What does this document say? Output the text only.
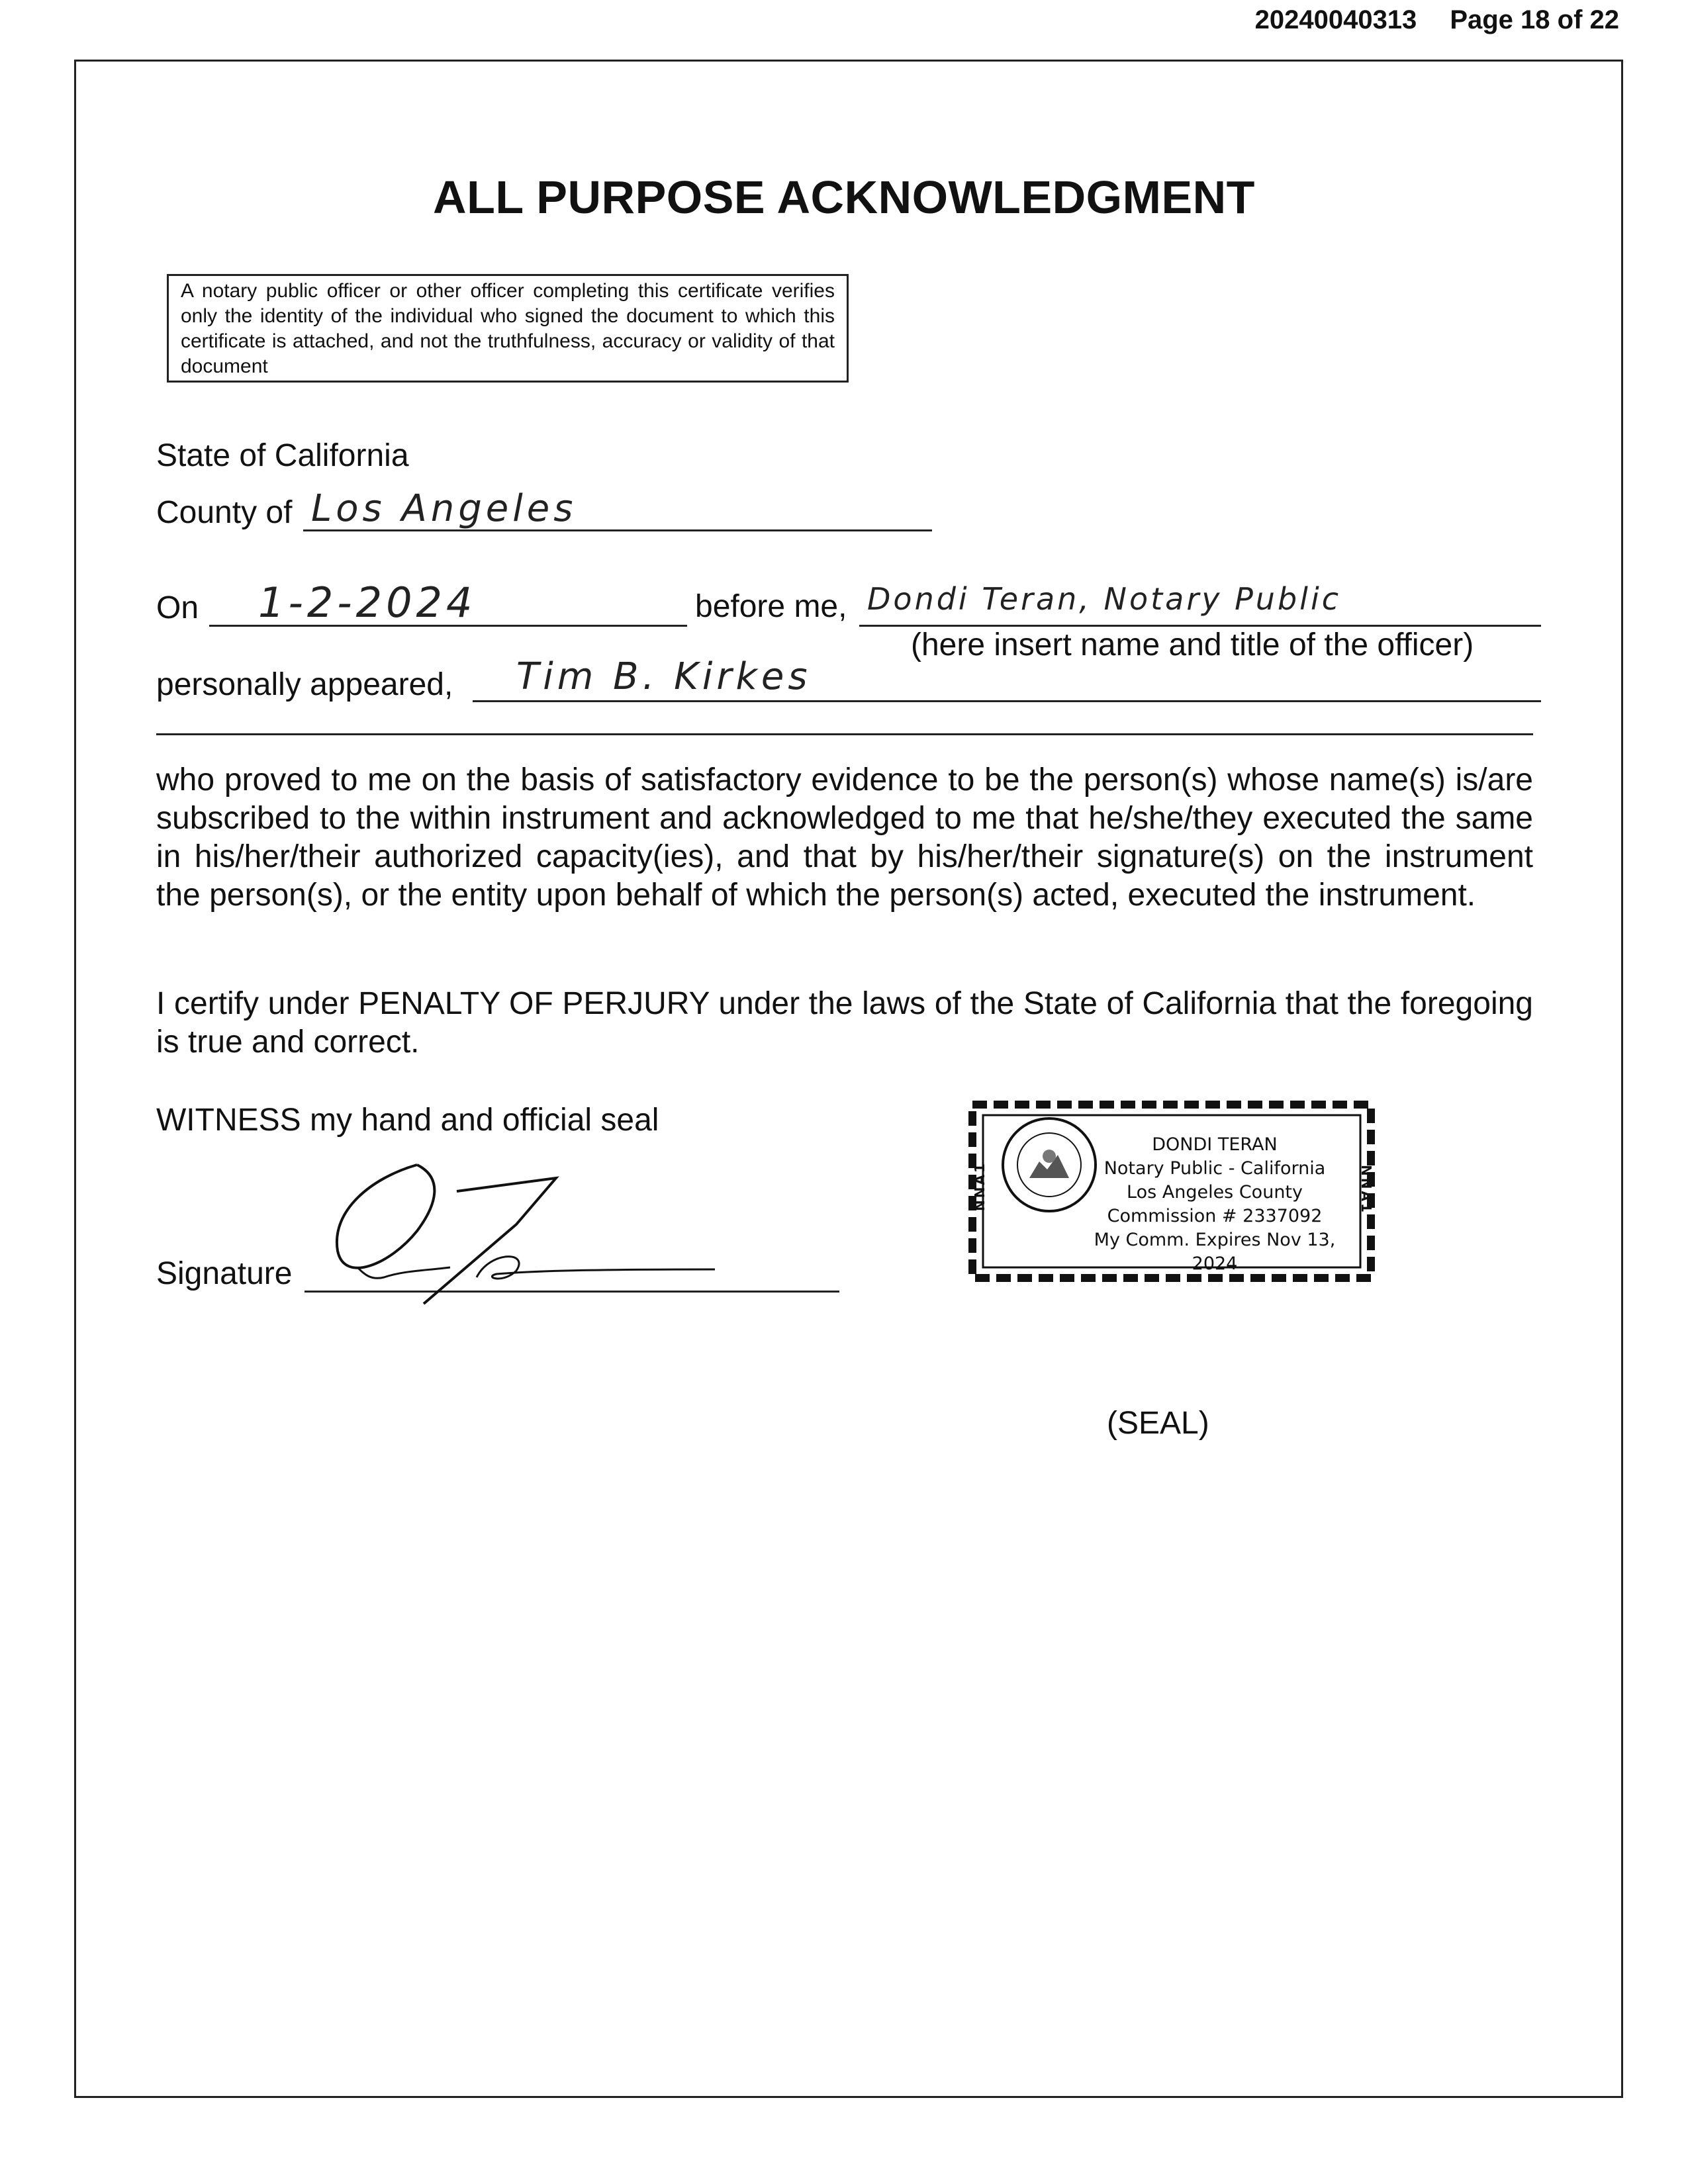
20240040313 Page 18 of 22
ALL PURPOSE ACKNOWLEDGMENT
A notary public officer or other officer completing this certificate verifies only the identity of the individual who signed the document to which this certificate is attached, and not the truthfulness, accuracy or validity of that document
State of California
County of Los Angeles
On 1-2-2024	before me, Dondi Teran, Notary Public
(here insert name and title of the officer)
personally appeared, Tim B. Kirkes
who proved to me on the basis of satisfactory evidence to be the person(s) whose name(s) is/are subscribed to the within instrument and acknowledged to me that he/she/they executed the same in his/her/their authorized capacity(ies), and that by his/her/their signature(s) on the instrument the person(s), or the entity upon behalf of which the person(s) acted, executed the instrument.
I certify under PENALTY OF PERJURY under the laws of the State of California that the foregoing is true and correct.
WITNESS my hand and official seal
Signature
NNA1	NNA1
DONDI TERAN
Notary Public - California
Los Angeles County
Commission # 2337092
My Comm. Expires Nov 13, 2024
(SEAL)
